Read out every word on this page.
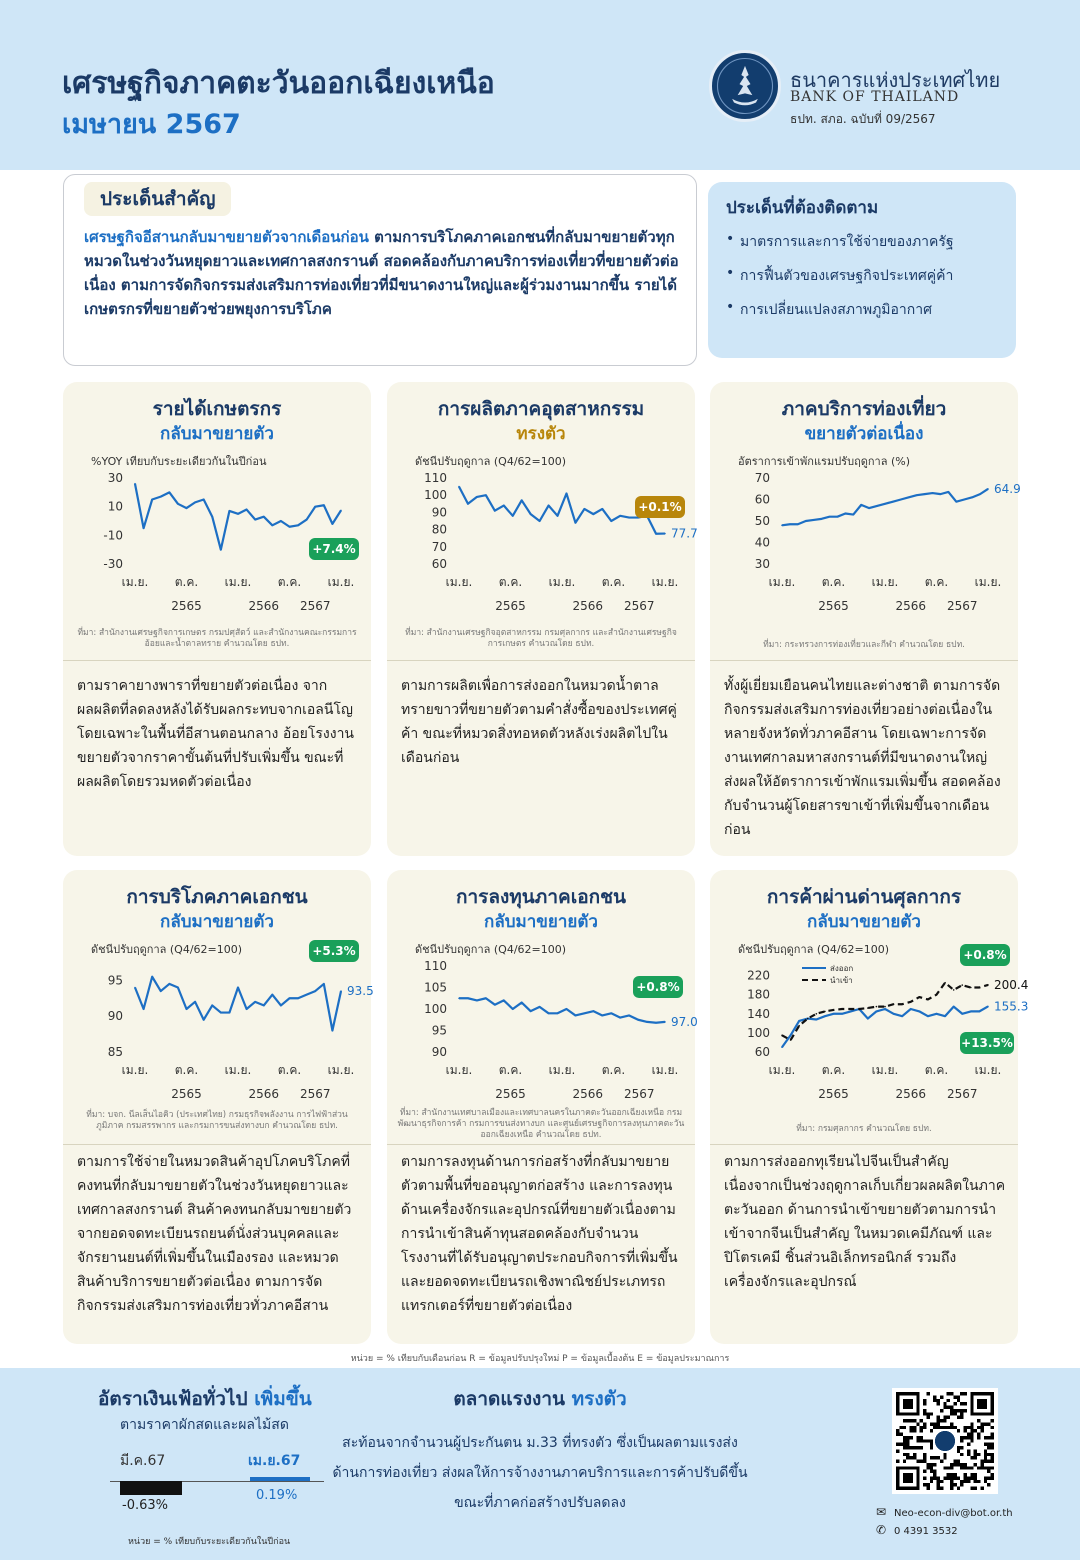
เศรษฐกิจภาคตะวันออกเฉียงเหนือ
เมษายน 2567
ธนาคารแห่งประเทศไทย
BANK OF THAILAND
ธปท. สภอ. ฉบับที่ 09/2567
ประเด็นสำคัญ
เศรษฐกิจอีสานกลับมาขยายตัวจากเดือนก่อน ตามการบริโภคภาคเอกชนที่กลับมาขยายตัวทุกหมวดในช่วงวันหยุดยาวและเทศกาลสงกรานต์ สอดคล้องกับภาคบริการท่องเที่ยวที่ขยายตัวต่อเนื่อง ตามการจัดกิจกรรมส่งเสริมการท่องเที่ยวที่มีขนาดงานใหญ่และผู้ร่วมงานมากขึ้น รายได้เกษตรกรที่ขยายตัวช่วยพยุงการบริโภค
ประเด็นที่ต้องติดตาม
• มาตรการและการใช้จ่ายของภาครัฐ
• การฟื้นตัวของเศรษฐกิจประเทศคู่ค้า
• การเปลี่ยนแปลงสภาพภูมิอากาศ
รายได้เกษตรกร
กลับมาขยายตัว
%YOY เทียบกับระยะเดียวกันในปีก่อน
30
10
-10
-30
เม.ย. ต.ค. เม.ย. ต.ค. เม.ย.
2565	2566 2567
+7.4%
ที่มา: สำนักงานเศรษฐกิจการเกษตร กรมปศุสัตว์ และสำนักงานคณะกรรมการอ้อยและน้ำตาลทราย คำนวณโดย ธปท.
ตามราคายางพาราที่ขยายตัวต่อเนื่อง จากผลผลิตที่ลดลงหลังได้รับผลกระทบจากเอลนีโญ โดยเฉพาะในพื้นที่อีสานตอนกลาง อ้อยโรงงานขยายตัวจากราคาขั้นต้นที่ปรับเพิ่มขึ้น ขณะที่ผลผลิตโดยรวมหดตัวต่อเนื่อง
การผลิตภาคอุตสาหกรรม
ทรงตัว
ดัชนีปรับฤดูกาล (Q4/62=100)
110
100
90
80
70
60
เม.ย. ต.ค. เม.ย. ต.ค. เม.ย.
2565	2566 2567
77.7
+0.1%
ที่มา: สำนักงานเศรษฐกิจอุตสาหกรรม กรมศุลกากร และสำนักงานเศรษฐกิจการเกษตร คำนวณโดย ธปท.
ตามการผลิตเพื่อการส่งออกในหมวดน้ำตาลทรายขาวที่ขยายตัวตามคำสั่งซื้อของประเทศคู่ค้า ขณะที่หมวดสิ่งทอหดตัวหลังเร่งผลิตไปในเดือนก่อน
ภาคบริการท่องเที่ยว
ขยายตัวต่อเนื่อง
อัตราการเข้าพักแรมปรับฤดูกาล (%)
70
60
50
40
30
เม.ย. ต.ค. เม.ย. ต.ค. เม.ย.
2565	2566 2567
64.9
ที่มา: กระทรวงการท่องเที่ยวและกีฬา คำนวณโดย ธปท.
ทั้งผู้เยี่ยมเยือนคนไทยและต่างชาติ ตามการจัดกิจกรรมส่งเสริมการท่องเที่ยวอย่างต่อเนื่องในหลายจังหวัดทั่วภาคอีสาน โดยเฉพาะการจัดงานเทศกาลมหาสงกรานต์ที่มีขนาดงานใหญ่ ส่งผลให้อัตราการเข้าพักแรมเพิ่มขึ้น สอดคล้องกับจำนวนผู้โดยสารขาเข้าที่เพิ่มขึ้นจากเดือนก่อน
การบริโภคภาคเอกชน
กลับมาขยายตัว
ดัชนีปรับฤดูกาล (Q4/62=100)
95
90
85
เม.ย. ต.ค. เม.ย. ต.ค. เม.ย.
2565	2566 2567
93.5
+5.3%
ที่มา: บจก. นีลเส็นไอคิว (ประเทศไทย) กรมธุรกิจพลังงาน การไฟฟ้าส่วนภูมิภาค กรมสรรพากร และกรมการขนส่งทางบก คำนวณโดย ธปท.
ตามการใช้จ่ายในหมวดสินค้าอุปโภคบริโภคที่คงทนที่กลับมาขยายตัวในช่วงวันหยุดยาวและเทศกาลสงกรานต์ สินค้าคงทนกลับมาขยายตัวจากยอดจดทะเบียนรถยนต์นั่งส่วนบุคคลและจักรยานยนต์ที่เพิ่มขึ้นในเมืองรอง และหมวดสินค้าบริการขยายตัวต่อเนื่อง ตามการจัดกิจกรรมส่งเสริมการท่องเที่ยวทั่วภาคอีสาน
การลงทุนภาคเอกชน
กลับมาขยายตัว
ดัชนีปรับฤดูกาล (Q4/62=100)
110
105
100
95
90
เม.ย. ต.ค. เม.ย. ต.ค. เม.ย.
2565	2566 2567
97.0
+0.8%
ที่มา: สำนักงานเทศบาลเมืองและเทศบาลนครในภาคตะวันออกเฉียงเหนือ กรมพัฒนาธุรกิจการค้า กรมการขนส่งทางบก และศูนย์เศรษฐกิจการลงทุนภาคตะวันออกเฉียงเหนือ คำนวณโดย ธปท.
ตามการลงทุนด้านการก่อสร้างที่กลับมาขยายตัวตามพื้นที่ขออนุญาตก่อสร้าง และการลงทุนด้านเครื่องจักรและอุปกรณ์ที่ขยายตัวเนื่องตามการนำเข้าสินค้าทุนสอดคล้องกับจำนวนโรงงานที่ได้รับอนุญาตประกอบกิจการที่เพิ่มขึ้น และยอดจดทะเบียนรถเชิงพาณิชย์ประเภทรถแทรกเตอร์ที่ขยายตัวต่อเนื่อง
การค้าผ่านด่านศุลกากร
กลับมาขยายตัว
ดัชนีปรับฤดูกาล (Q4/62=100)
220
180
140
100
60
เม.ย. ต.ค. เม.ย. ต.ค. เม.ย.
2565	2566 2567
ส่งออก
นำเข้า	200.4
155.3
+0.8%
+13.5%
ที่มา: กรมศุลกากร คำนวณโดย ธปท.
ตามการส่งออกทุเรียนไปจีนเป็นสำคัญ เนื่องจากเป็นช่วงฤดูกาลเก็บเกี่ยวผลผลิตในภาคตะวันออก ด้านการนำเข้าขยายตัวตามการนำเข้าจากจีนเป็นสำคัญ ในหมวดเคมีภัณฑ์ และปิโตรเคมี ชิ้นส่วนอิเล็กทรอนิกส์ รวมถึงเครื่องจักรและอุปกรณ์
หน่วย = % เทียบกับเดือนก่อน R = ข้อมูลปรับปรุงใหม่ P = ข้อมูลเบื้องต้น E = ข้อมูลประมาณการ
อัตราเงินเฟ้อทั่วไป เพิ่มขึ้น
ตามราคาผักสดและผลไม้สด
มี.ค.67	เม.ย.67
-0.63%
0.19%
หน่วย = % เทียบกับระยะเดียวกันในปีก่อน
ตลาดแรงงาน ทรงตัว
สะท้อนจากจำนวนผู้ประกันตน ม.33 ที่ทรงตัว ซึ่งเป็นผลตามแรงส่ง
ด้านการท่องเที่ยว ส่งผลให้การจ้างงานภาคบริการและการค้าปรับดีขึ้น
ขณะที่ภาคก่อสร้างปรับลดลง
✉ Neo-econ-div@bot.or.th
✆ 0 4391 3532
